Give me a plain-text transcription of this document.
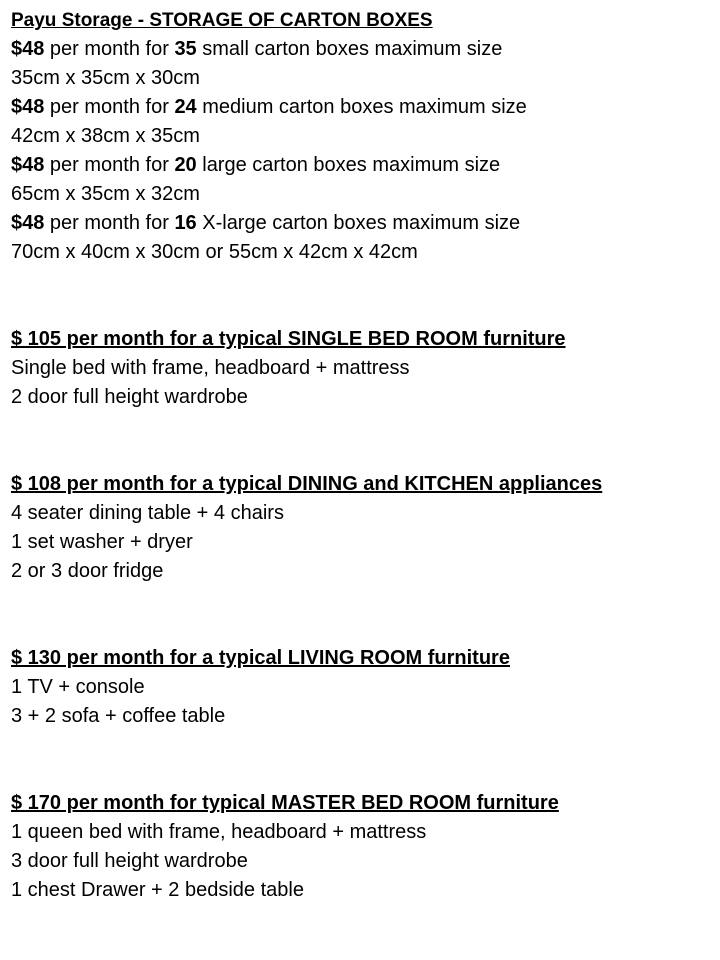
Payu Storage - STORAGE OF CARTON BOXES
$48 per month for 35 small carton boxes maximum size
35cm x 35cm x 30cm
$48 per month for 24 medium carton boxes maximum size
42cm x 38cm x 35cm
$48 per month for 20 large carton boxes maximum size
65cm x 35cm x 32cm
$48 per month for 16 X-large carton boxes maximum size
70cm x 40cm x 30cm or 55cm x 42cm x 42cm
$ 105 per month for a typical SINGLE BED ROOM furniture
Single bed with frame, headboard + mattress
2 door full height wardrobe
$ 108 per month for a typical DINING and KITCHEN appliances
4 seater dining table + 4 chairs
1 set washer + dryer
2 or 3 door fridge
$ 130 per month for a typical LIVING ROOM furniture
1 TV + console
3 + 2 sofa + coffee table
$ 170 per month for typical MASTER BED ROOM furniture
1 queen bed with frame, headboard + mattress
3 door full height wardrobe
1 chest Drawer + 2 bedside table
